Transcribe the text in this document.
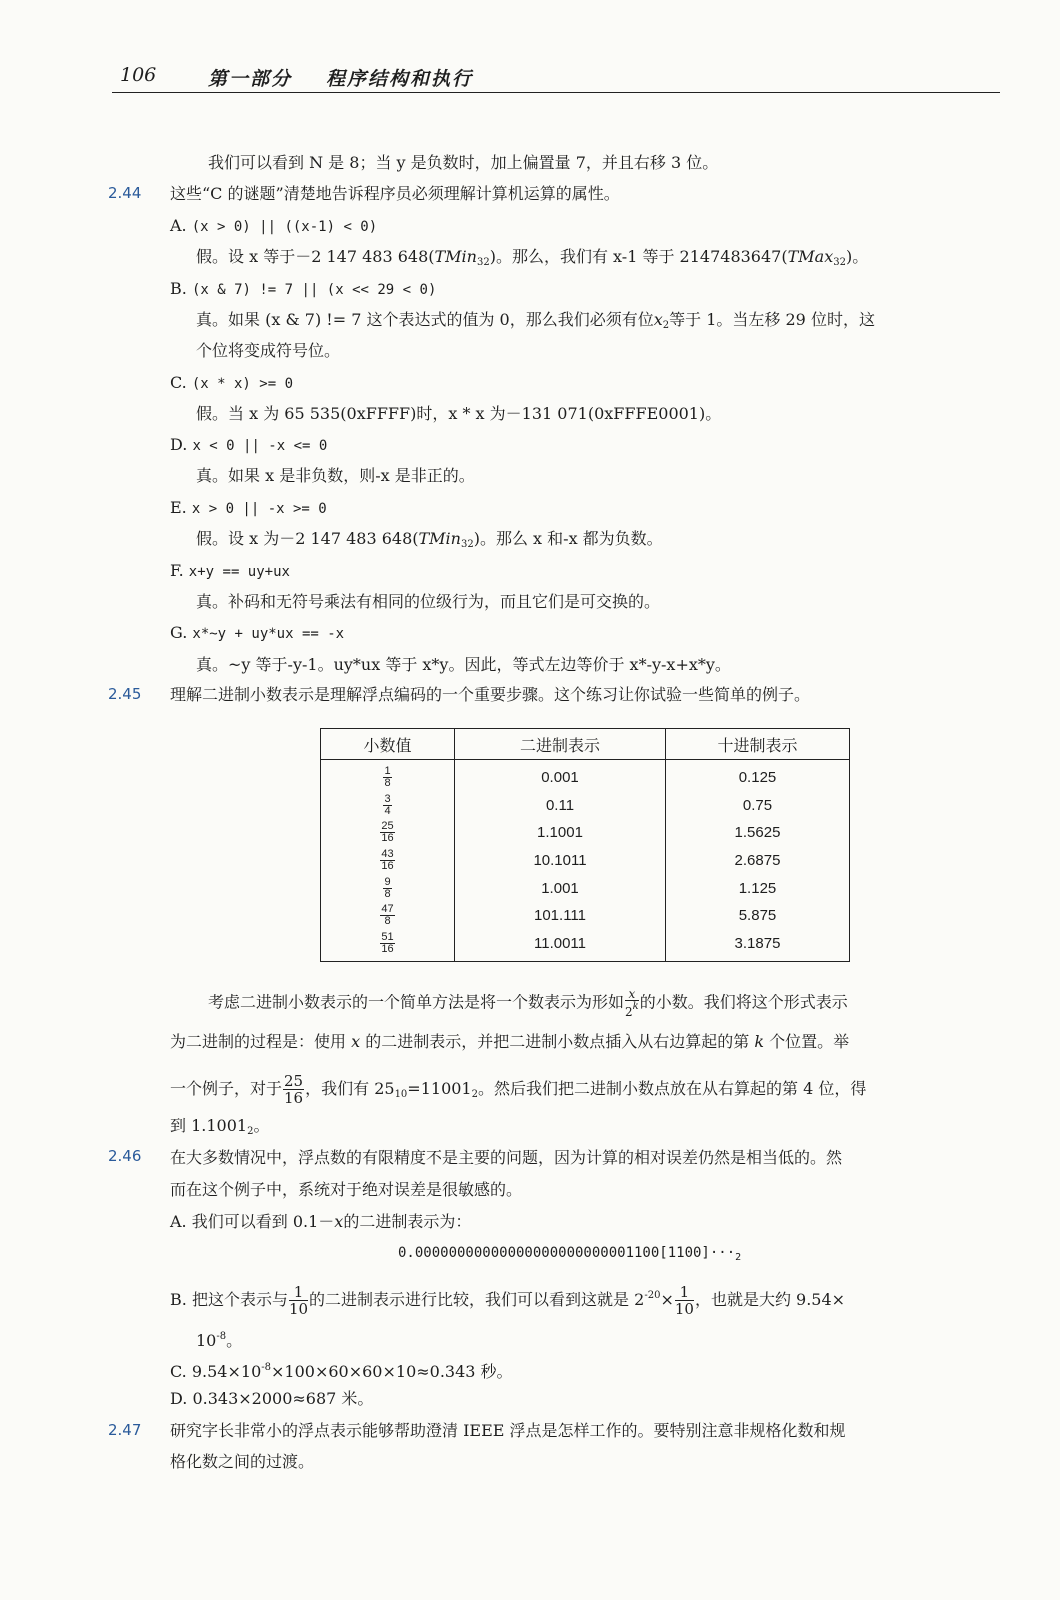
106	第一部分 程序结构和执行
我们可以看到 N 是 8；当 y 是负数时，加上偏置量 7，并且右移 3 位。
2.44 这些“C 的谜题”清楚地告诉程序员必须理解计算机运算的属性。
A. (x > 0) || ((x-1) < 0)
假。设 x 等于－2 147 483 648(TMin$_{32}$)。那么，我们有 x-1 等于 2147483647(TMax$_{32}$)。
B. (x & 7) != 7 || (x << 29 < 0)
真。如果 (x & 7) != 7 这个表达式的值为 0，那么我们必须有位$x_2$等于 1。当左移 29 位时，这
个位将变成符号位。
C. (x * x) >= 0
假。当 x 为 65 535(0xFFFF)时，x * x 为－131 071(0xFFFE0001)。
D. x < 0 || -x <= 0
真。如果 x 是非负数，则-x 是非正的。
E. x > 0 || -x >= 0
假。设 x 为－2 147 483 648(TMin$_{32}$)。那么 x 和-x 都为负数。
F. x+y == uy+ux
真。补码和无符号乘法有相同的位级行为，而且它们是可交换的。
G. x*~y + uy*ux == -x
真。~y 等于-y-1。uy*ux 等于 x*y。因此，等式左边等价于 x*-y-x+x*y。
2.45 理解二进制小数表示是理解浮点编码的一个重要步骤。这个练习让你试验一些简单的例子。
小数值	二进制表示	十进制表示

$\frac{1}{8}$	0.001	0.125

$\frac{3}{4}$	0.11	0.75

$\frac{25}{16}$	1.1001	1.5625

$\frac{43}{16}$	10.1011	2.6875

$\frac{9}{8}$	1.001	1.125

$\frac{47}{8}$	101.111	5.875

$\frac{51}{16}$	11.0011	3.1875
考虑二进制小数表示的一个简单方法是将一个数表示为形如 $\frac{x}{2^k}$ 的小数。我们将这个形式表示
为二进制的过程是：使用 x 的二进制表示，并把二进制小数点插入从右边算起的第 k 个位置。举
一个例子，对于 $\frac{25}{16}$ ，我们有 $25_{10}=11001_2$。然后我们把二进制小数点放在从右算起的第 4 位，得
到 $1.1001_2$。
2.46 在大多数情况中，浮点数的有限精度不是主要的问题，因为计算的相对误差仍然是相当低的。然
而在这个例子中，系统对于绝对误差是很敏感的。
A. 我们可以看到 0.1－x的二进制表示为：
$0.00000000000000000000000001100[1100]\cdot\cdot\cdot_2$
B. 把这个表示与 $\frac{1}{10}$ 的二进制表示进行比较，我们可以看到这就是 $2^{-20}\times \frac{1}{10}$ ，也就是大约 9.54×
$10^{-8}$。
C. $9.54\times 10^{-8}\times 100\times 60\times 60\times 10\approx 0.343$ 秒。
D. 0.343×2000≈687 米。
2.47 研究字长非常小的浮点表示能够帮助澄清 IEEE 浮点是怎样工作的。要特别注意非规格化数和规
格化数之间的过渡。
